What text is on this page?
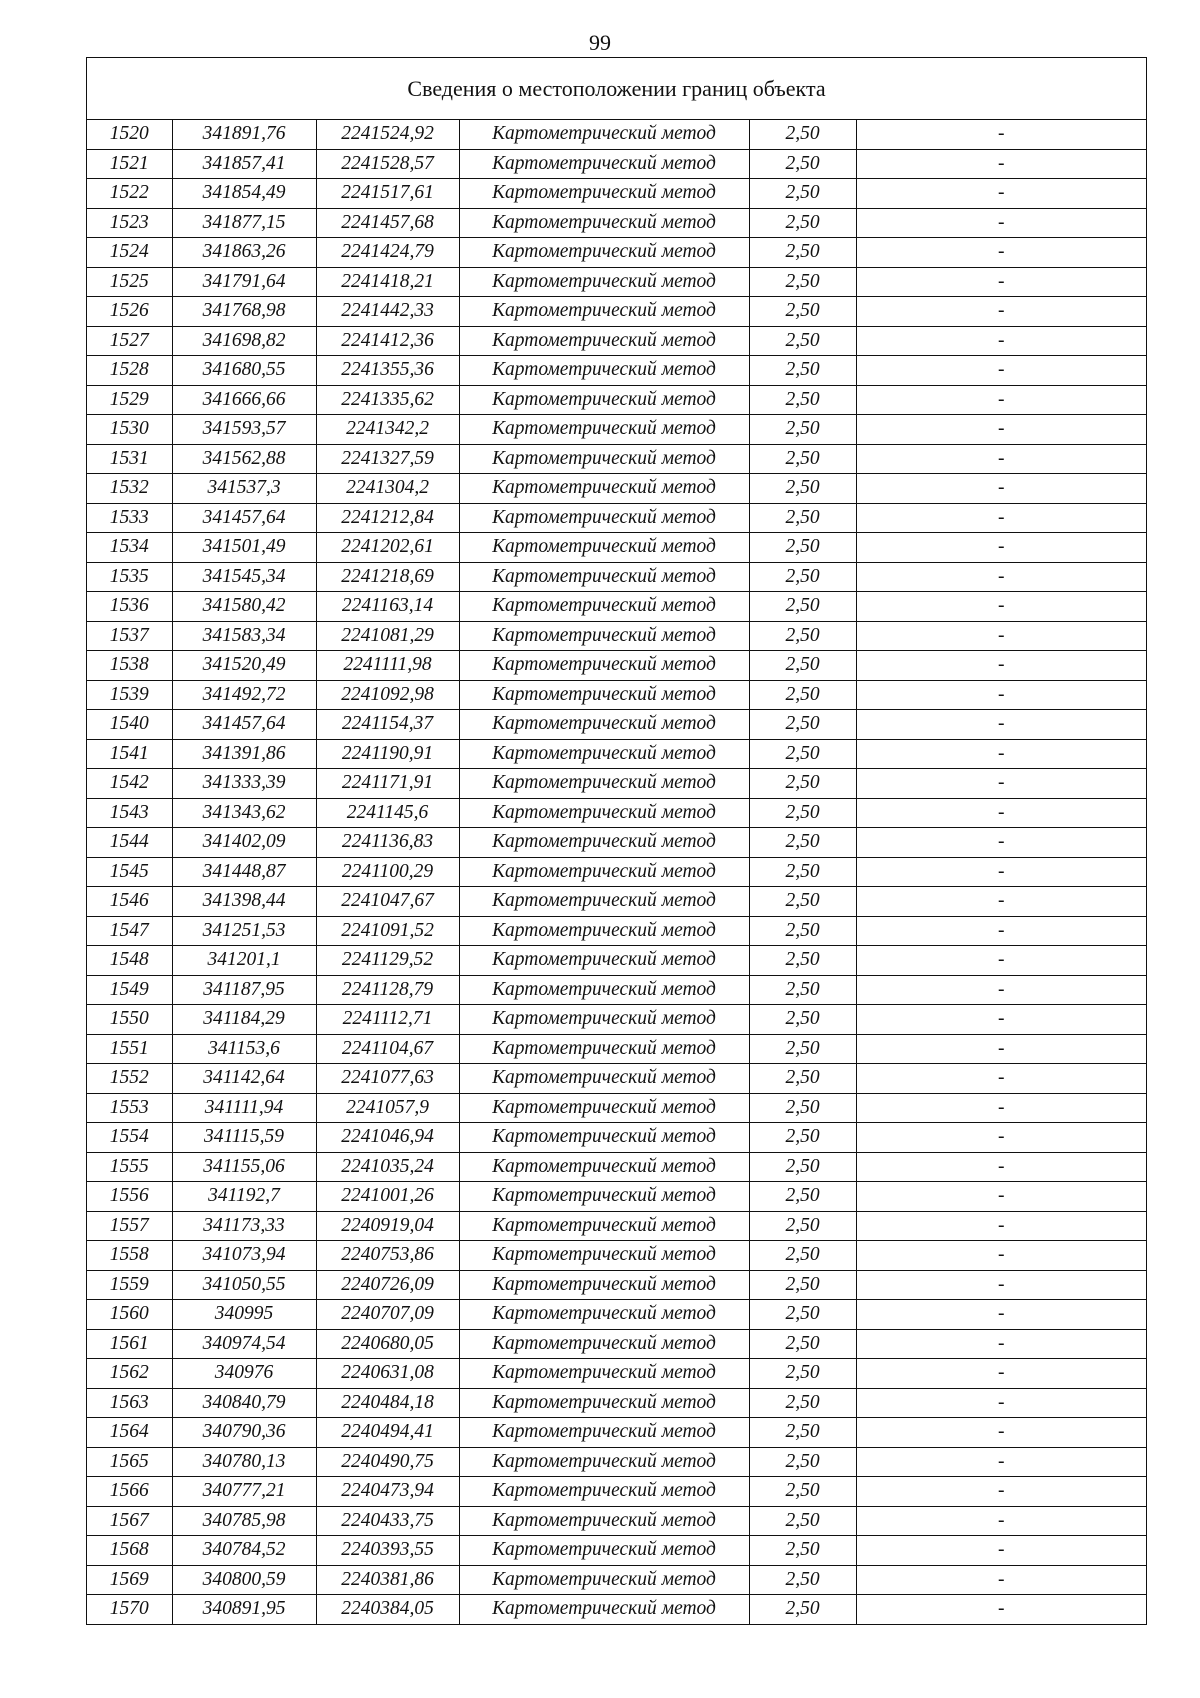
99
Сведения о местоположении границ объекта
1520	341891,76	2241524,92	Картометрический метод	2,50	-
1521	341857,41	2241528,57	Картометрический метод	2,50	-
1522	341854,49	2241517,61	Картометрический метод	2,50	-
1523	341877,15	2241457,68	Картометрический метод	2,50	-
1524	341863,26	2241424,79	Картометрический метод	2,50	-
1525	341791,64	2241418,21	Картометрический метод	2,50	-
1526	341768,98	2241442,33	Картометрический метод	2,50	-
1527	341698,82	2241412,36	Картометрический метод	2,50	-
1528	341680,55	2241355,36	Картометрический метод	2,50	-
1529	341666,66	2241335,62	Картометрический метод	2,50	-
1530	341593,57	2241342,2	Картометрический метод	2,50	-
1531	341562,88	2241327,59	Картометрический метод	2,50	-
1532	341537,3	2241304,2	Картометрический метод	2,50	-
1533	341457,64	2241212,84	Картометрический метод	2,50	-
1534	341501,49	2241202,61	Картометрический метод	2,50	-
1535	341545,34	2241218,69	Картометрический метод	2,50	-
1536	341580,42	2241163,14	Картометрический метод	2,50	-
1537	341583,34	2241081,29	Картометрический метод	2,50	-
1538	341520,49	2241111,98	Картометрический метод	2,50	-
1539	341492,72	2241092,98	Картометрический метод	2,50	-
1540	341457,64	2241154,37	Картометрический метод	2,50	-
1541	341391,86	2241190,91	Картометрический метод	2,50	-
1542	341333,39	2241171,91	Картометрический метод	2,50	-
1543	341343,62	2241145,6	Картометрический метод	2,50	-
1544	341402,09	2241136,83	Картометрический метод	2,50	-
1545	341448,87	2241100,29	Картометрический метод	2,50	-
1546	341398,44	2241047,67	Картометрический метод	2,50	-
1547	341251,53	2241091,52	Картометрический метод	2,50	-
1548	341201,1	2241129,52	Картометрический метод	2,50	-
1549	341187,95	2241128,79	Картометрический метод	2,50	-
1550	341184,29	2241112,71	Картометрический метод	2,50	-
1551	341153,6	2241104,67	Картометрический метод	2,50	-
1552	341142,64	2241077,63	Картометрический метод	2,50	-
1553	341111,94	2241057,9	Картометрический метод	2,50	-
1554	341115,59	2241046,94	Картометрический метод	2,50	-
1555	341155,06	2241035,24	Картометрический метод	2,50	-
1556	341192,7	2241001,26	Картометрический метод	2,50	-
1557	341173,33	2240919,04	Картометрический метод	2,50	-
1558	341073,94	2240753,86	Картометрический метод	2,50	-
1559	341050,55	2240726,09	Картометрический метод	2,50	-
1560	340995	2240707,09	Картометрический метод	2,50	-
1561	340974,54	2240680,05	Картометрический метод	2,50	-
1562	340976	2240631,08	Картометрический метод	2,50	-
1563	340840,79	2240484,18	Картометрический метод	2,50	-
1564	340790,36	2240494,41	Картометрический метод	2,50	-
1565	340780,13	2240490,75	Картометрический метод	2,50	-
1566	340777,21	2240473,94	Картометрический метод	2,50	-
1567	340785,98	2240433,75	Картометрический метод	2,50	-
1568	340784,52	2240393,55	Картометрический метод	2,50	-
1569	340800,59	2240381,86	Картометрический метод	2,50	-
1570	340891,95	2240384,05	Картометрический метод	2,50	-
